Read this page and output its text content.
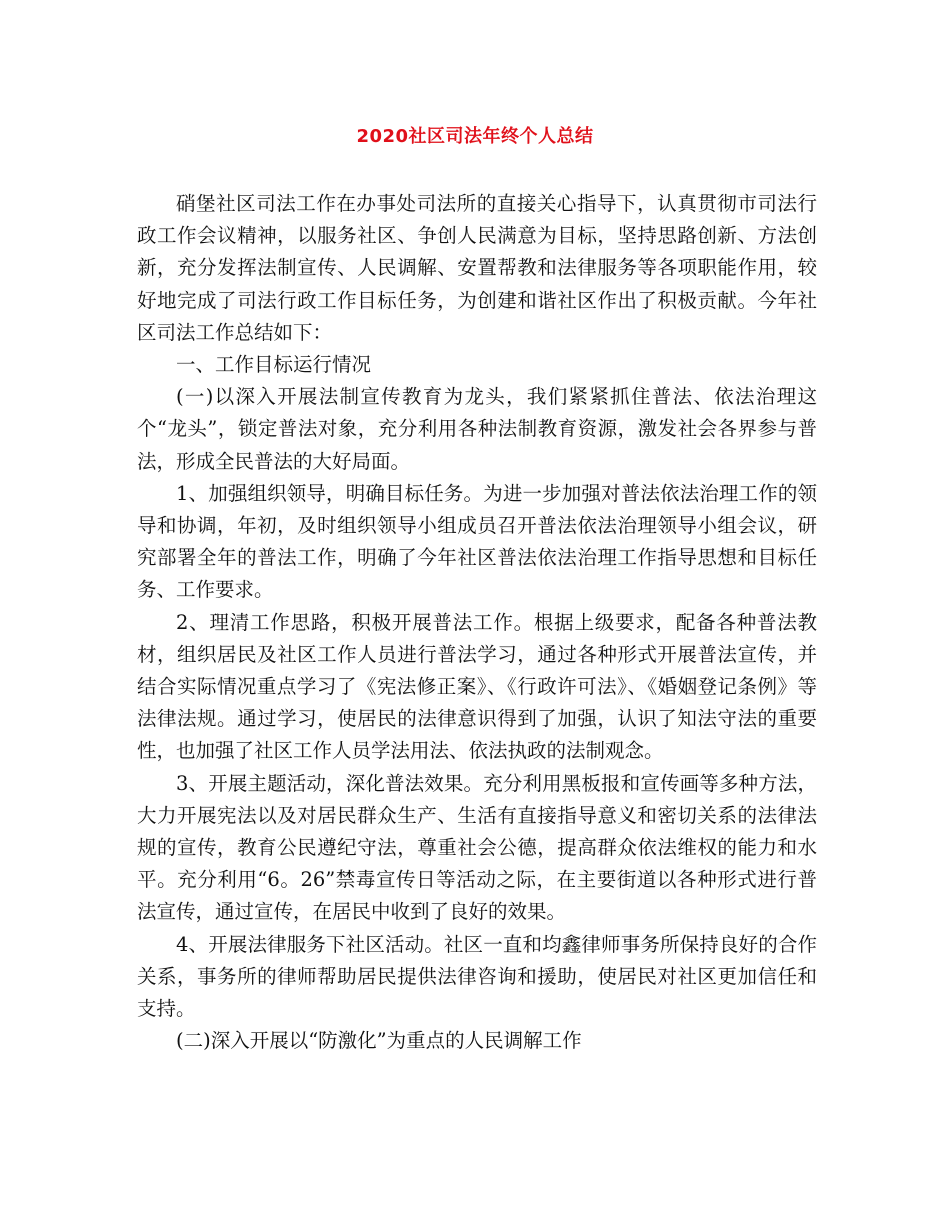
2020社区司法年终个人总结

硝堡社区司法工作在办事处司法所的直接关心指导下，认真贯彻市司法行政工作会议精神，以服务社区、争创人民满意为目标，坚持思路创新、方法创新，充分发挥法制宣传、人民调解、安置帮教和法律服务等各项职能作用，较好地完成了司法行政工作目标任务，为创建和谐社区作出了积极贡献。今年社区司法工作总结如下：

一、工作目标运行情况

(一)以深入开展法制宣传教育为龙头，我们紧紧抓住普法、依法治理这个“龙头”，锁定普法对象，充分利用各种法制教育资源，激发社会各界参与普法，形成全民普法的大好局面。

1、加强组织领导，明确目标任务。为进一步加强对普法依法治理工作的领导和协调，年初，及时组织领导小组成员召开普法依法治理领导小组会议，研究部署全年的普法工作，明确了今年社区普法依法治理工作指导思想和目标任务、工作要求。

2、理清工作思路，积极开展普法工作。根据上级要求，配备各种普法教材，组织居民及社区工作人员进行普法学习，通过各种形式开展普法宣传，并结合实际情况重点学习了《宪法修正案》、《行政许可法》、《婚姻登记条例》等法律法规。通过学习，使居民的法律意识得到了加强，认识了知法守法的重要性，也加强了社区工作人员学法用法、依法执政的法制观念。

3、开展主题活动，深化普法效果。充分利用黑板报和宣传画等多种方法，大力开展宪法以及对居民群众生产、生活有直接指导意义和密切关系的法律法规的宣传，教育公民遵纪守法，尊重社会公德，提高群众依法维权的能力和水平。充分利用“6。26”禁毒宣传日等活动之际，在主要街道以各种形式进行普法宣传，通过宣传，在居民中收到了良好的效果。

4、开展法律服务下社区活动。社区一直和均鑫律师事务所保持良好的合作关系，事务所的律师帮助居民提供法律咨询和援助，使居民对社区更加信任和支持。

(二)深入开展以“防激化”为重点的人民调解工作
